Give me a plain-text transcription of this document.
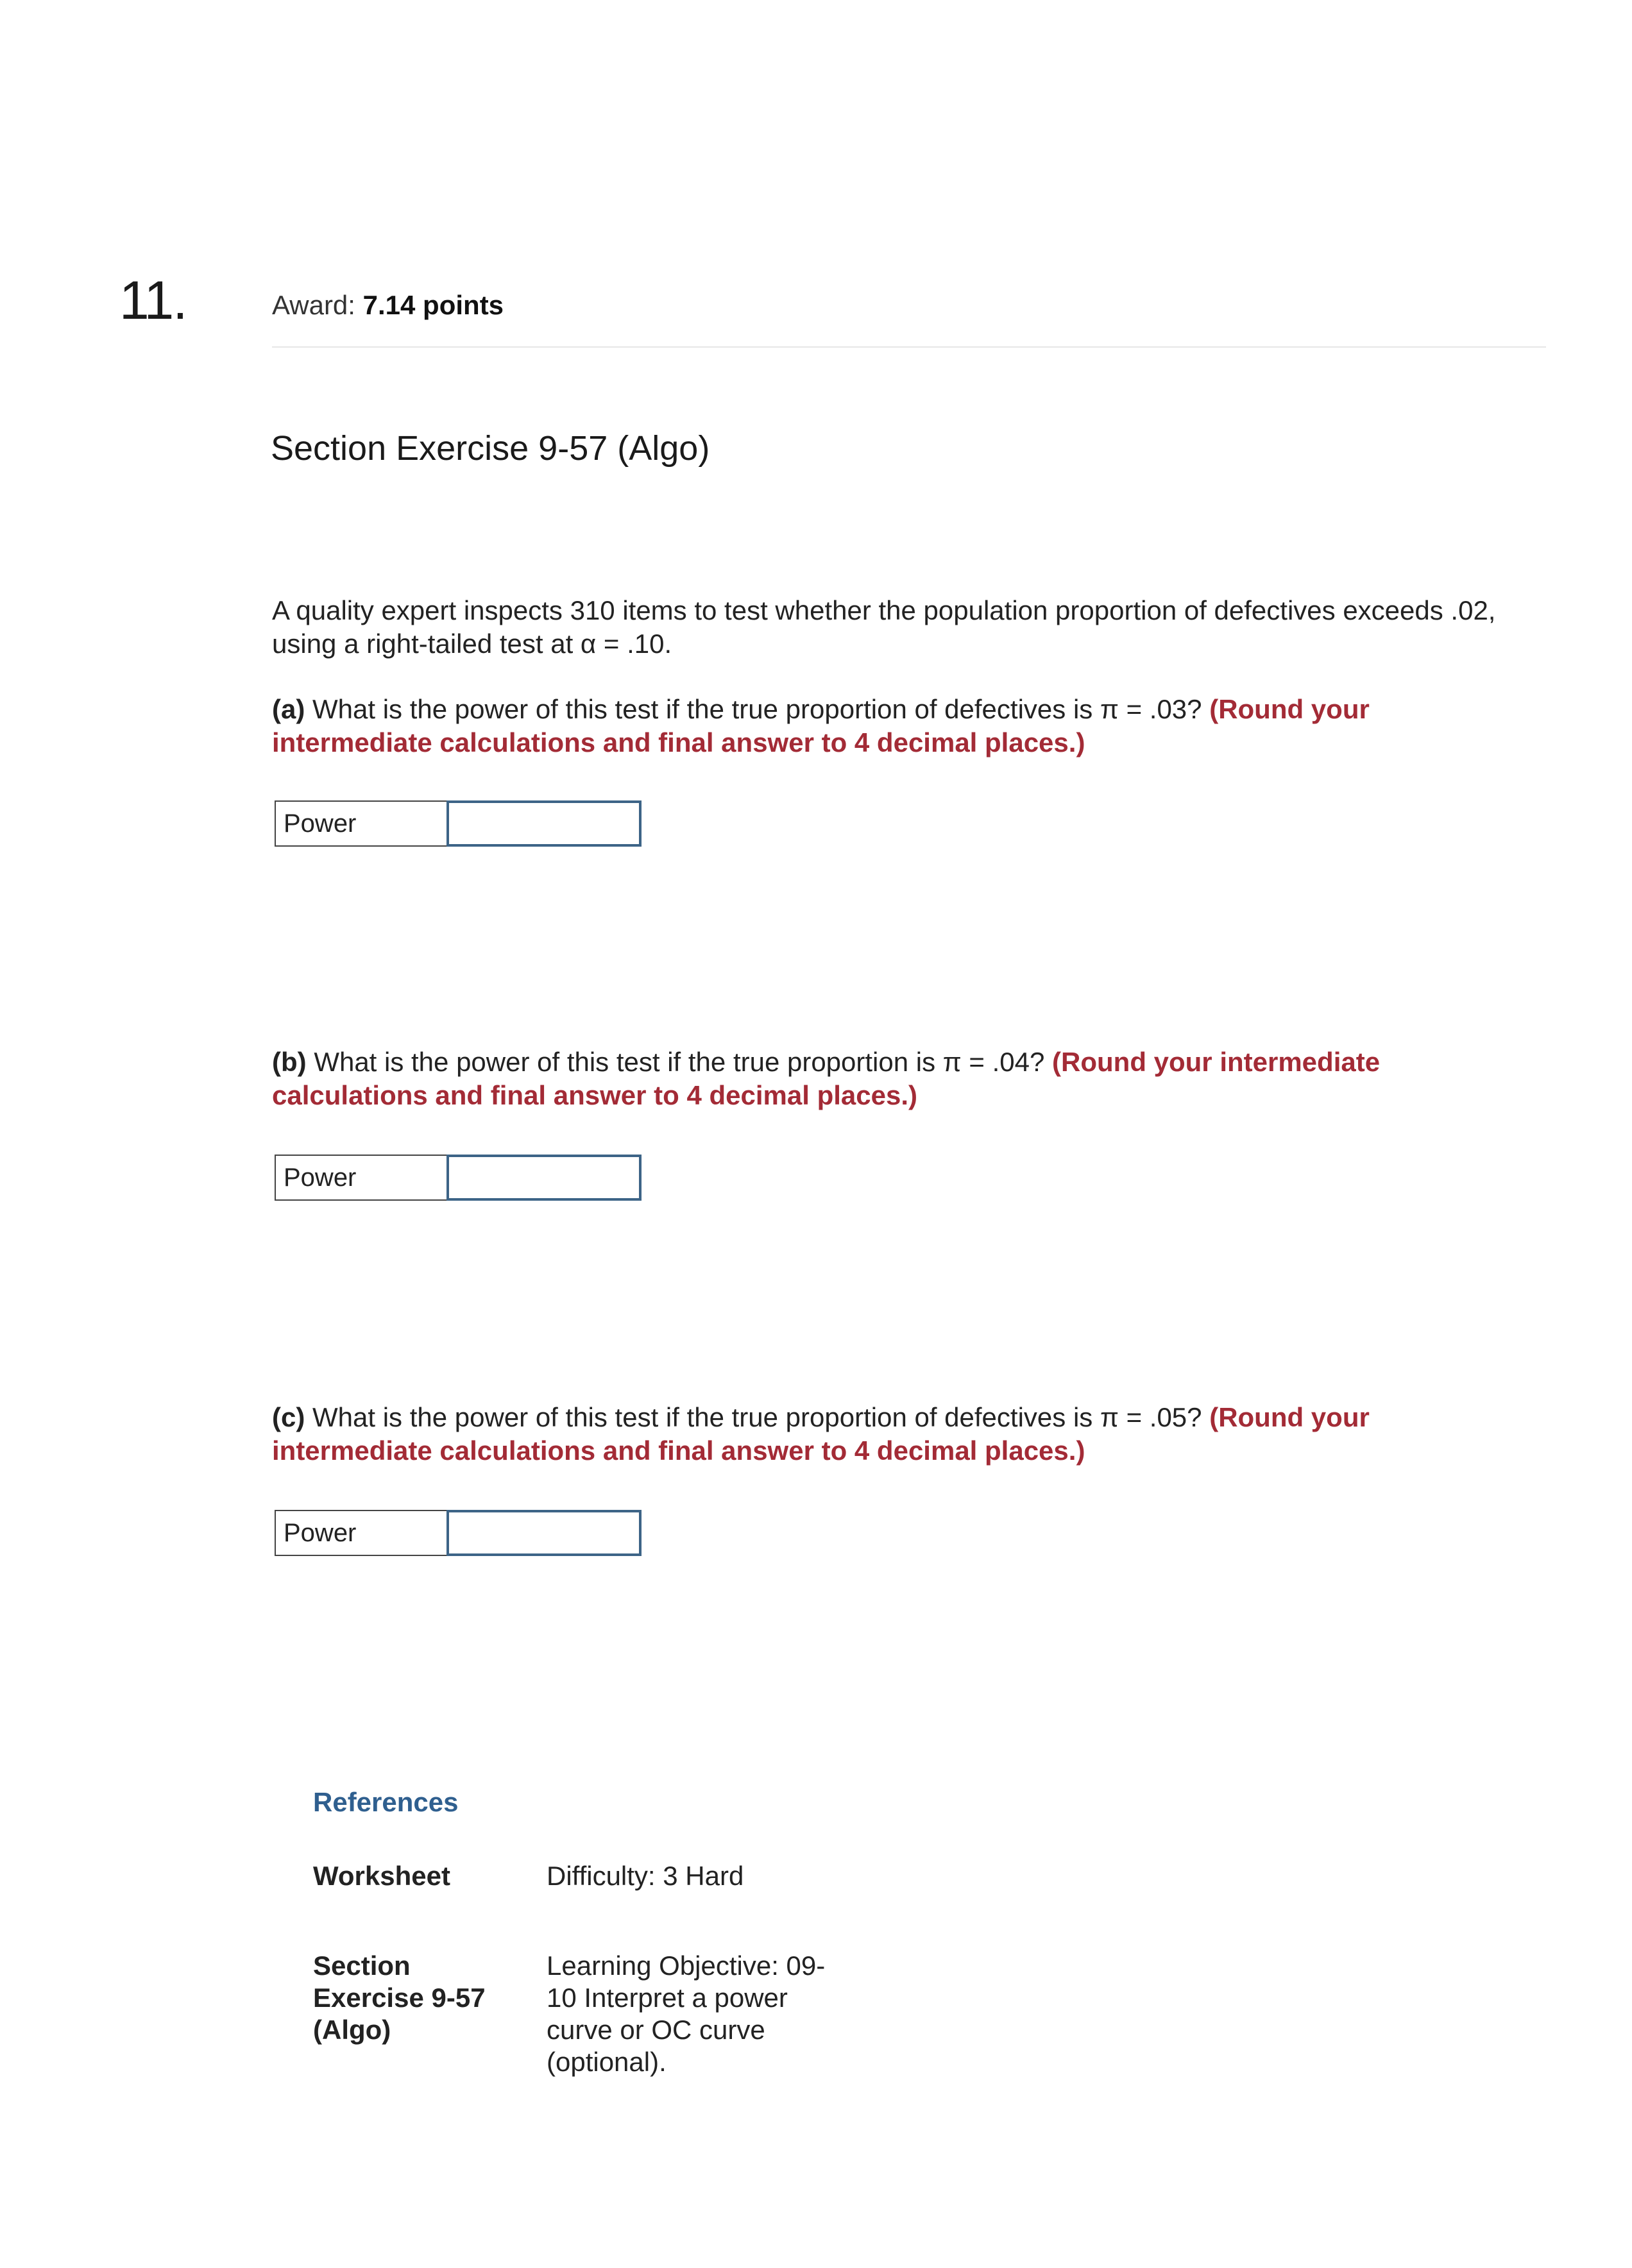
11.	Award: 7.14 points
Section Exercise 9-57 (Algo)
A quality expert inspects 310 items to test whether the population proportion of defectives exceeds .02, using a right-tailed test at α = .10.
(a) What is the power of this test if the true proportion of defectives is π = .03? (Round your intermediate calculations and final answer to 4 decimal places.)
Power
(b) What is the power of this test if the true proportion is π = .04? (Round your intermediate calculations and final answer to 4 decimal places.)
Power
(c) What is the power of this test if the true proportion of defectives is π = .05? (Round your intermediate calculations and final answer to 4 decimal places.)
Power
References
Worksheet	Difficulty: 3 Hard
Section Exercise 9-57 (Algo)
Learning Objective: 09-10 Interpret a power curve or OC curve (optional).
